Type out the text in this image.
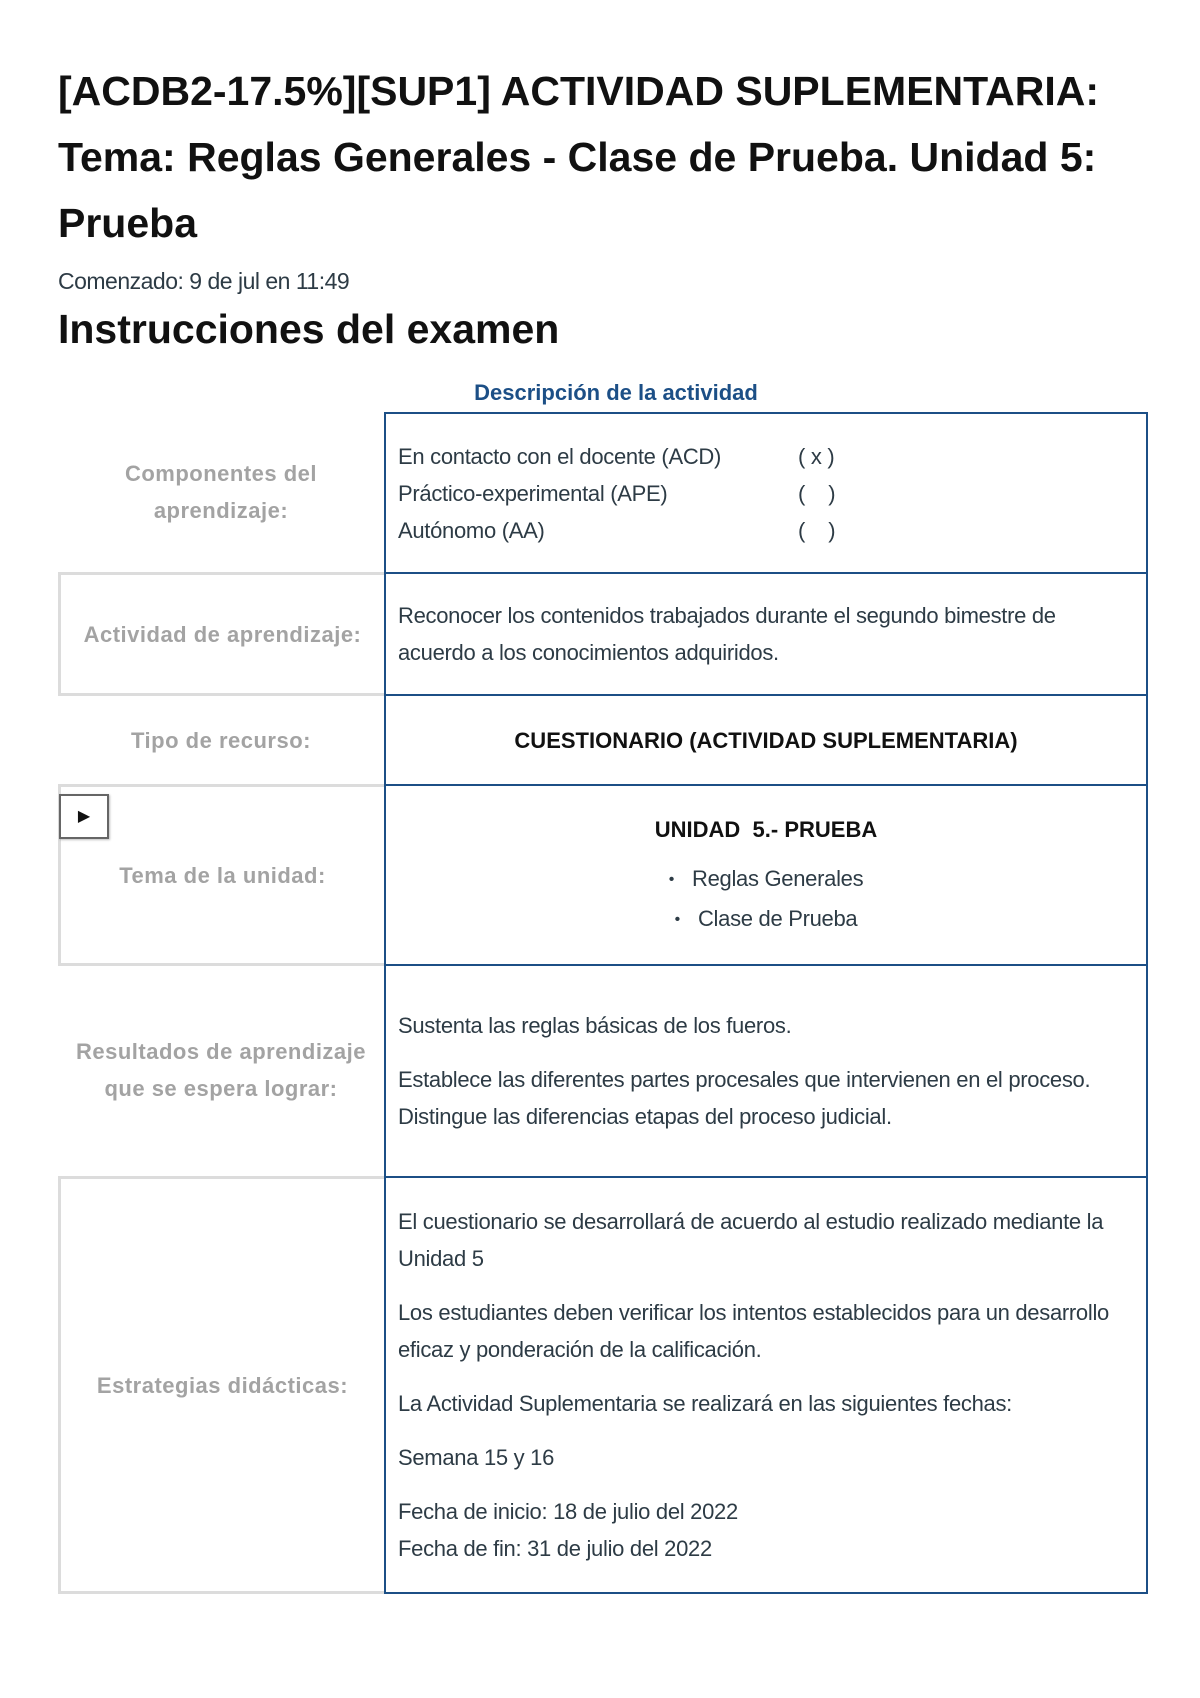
[ACDB2-17.5%][SUP1] ACTIVIDAD SUPLEMENTARIA: Tema: Reglas Generales - Clase de Prueba. Unidad 5: Prueba
Comenzado: 9 de jul en 11:49
Instrucciones del examen
Descripción de la actividad
Componentes del aprendizaje:
En contacto con el docente (ACD)	( x )
Práctico-experimental (APE)	(    )
Autónomo (AA)	(    )
Actividad de aprendizaje:

Reconocer los contenidos trabajados durante el segundo bimestre de acuerdo a los conocimientos adquiridos.

Tipo de recurso:	CUESTIONARIO (ACTIVIDAD SUPLEMENTARIA)

Tema de la unidad:
▶

UNIDAD  5.- PRUEBA

• Reglas Generales
• Clase de Prueba
Resultados de aprendizaje que se espera lograr:

Sustenta las reglas básicas de los fueros.

Establece las diferentes partes procesales que intervienen en el proceso.

Distingue las diferencias etapas del proceso judicial.

Estrategias didácticas:

El cuestionario se desarrollará de acuerdo al estudio realizado mediante la Unidad 5

Los estudiantes deben verificar los intentos establecidos para un desarrollo eficaz y ponderación de la calificación.

La Actividad Suplementaria se realizará en las siguientes fechas:

Semana 15 y 16

Fecha de inicio: 18 de julio del 2022

Fecha de fin: 31 de julio del 2022
